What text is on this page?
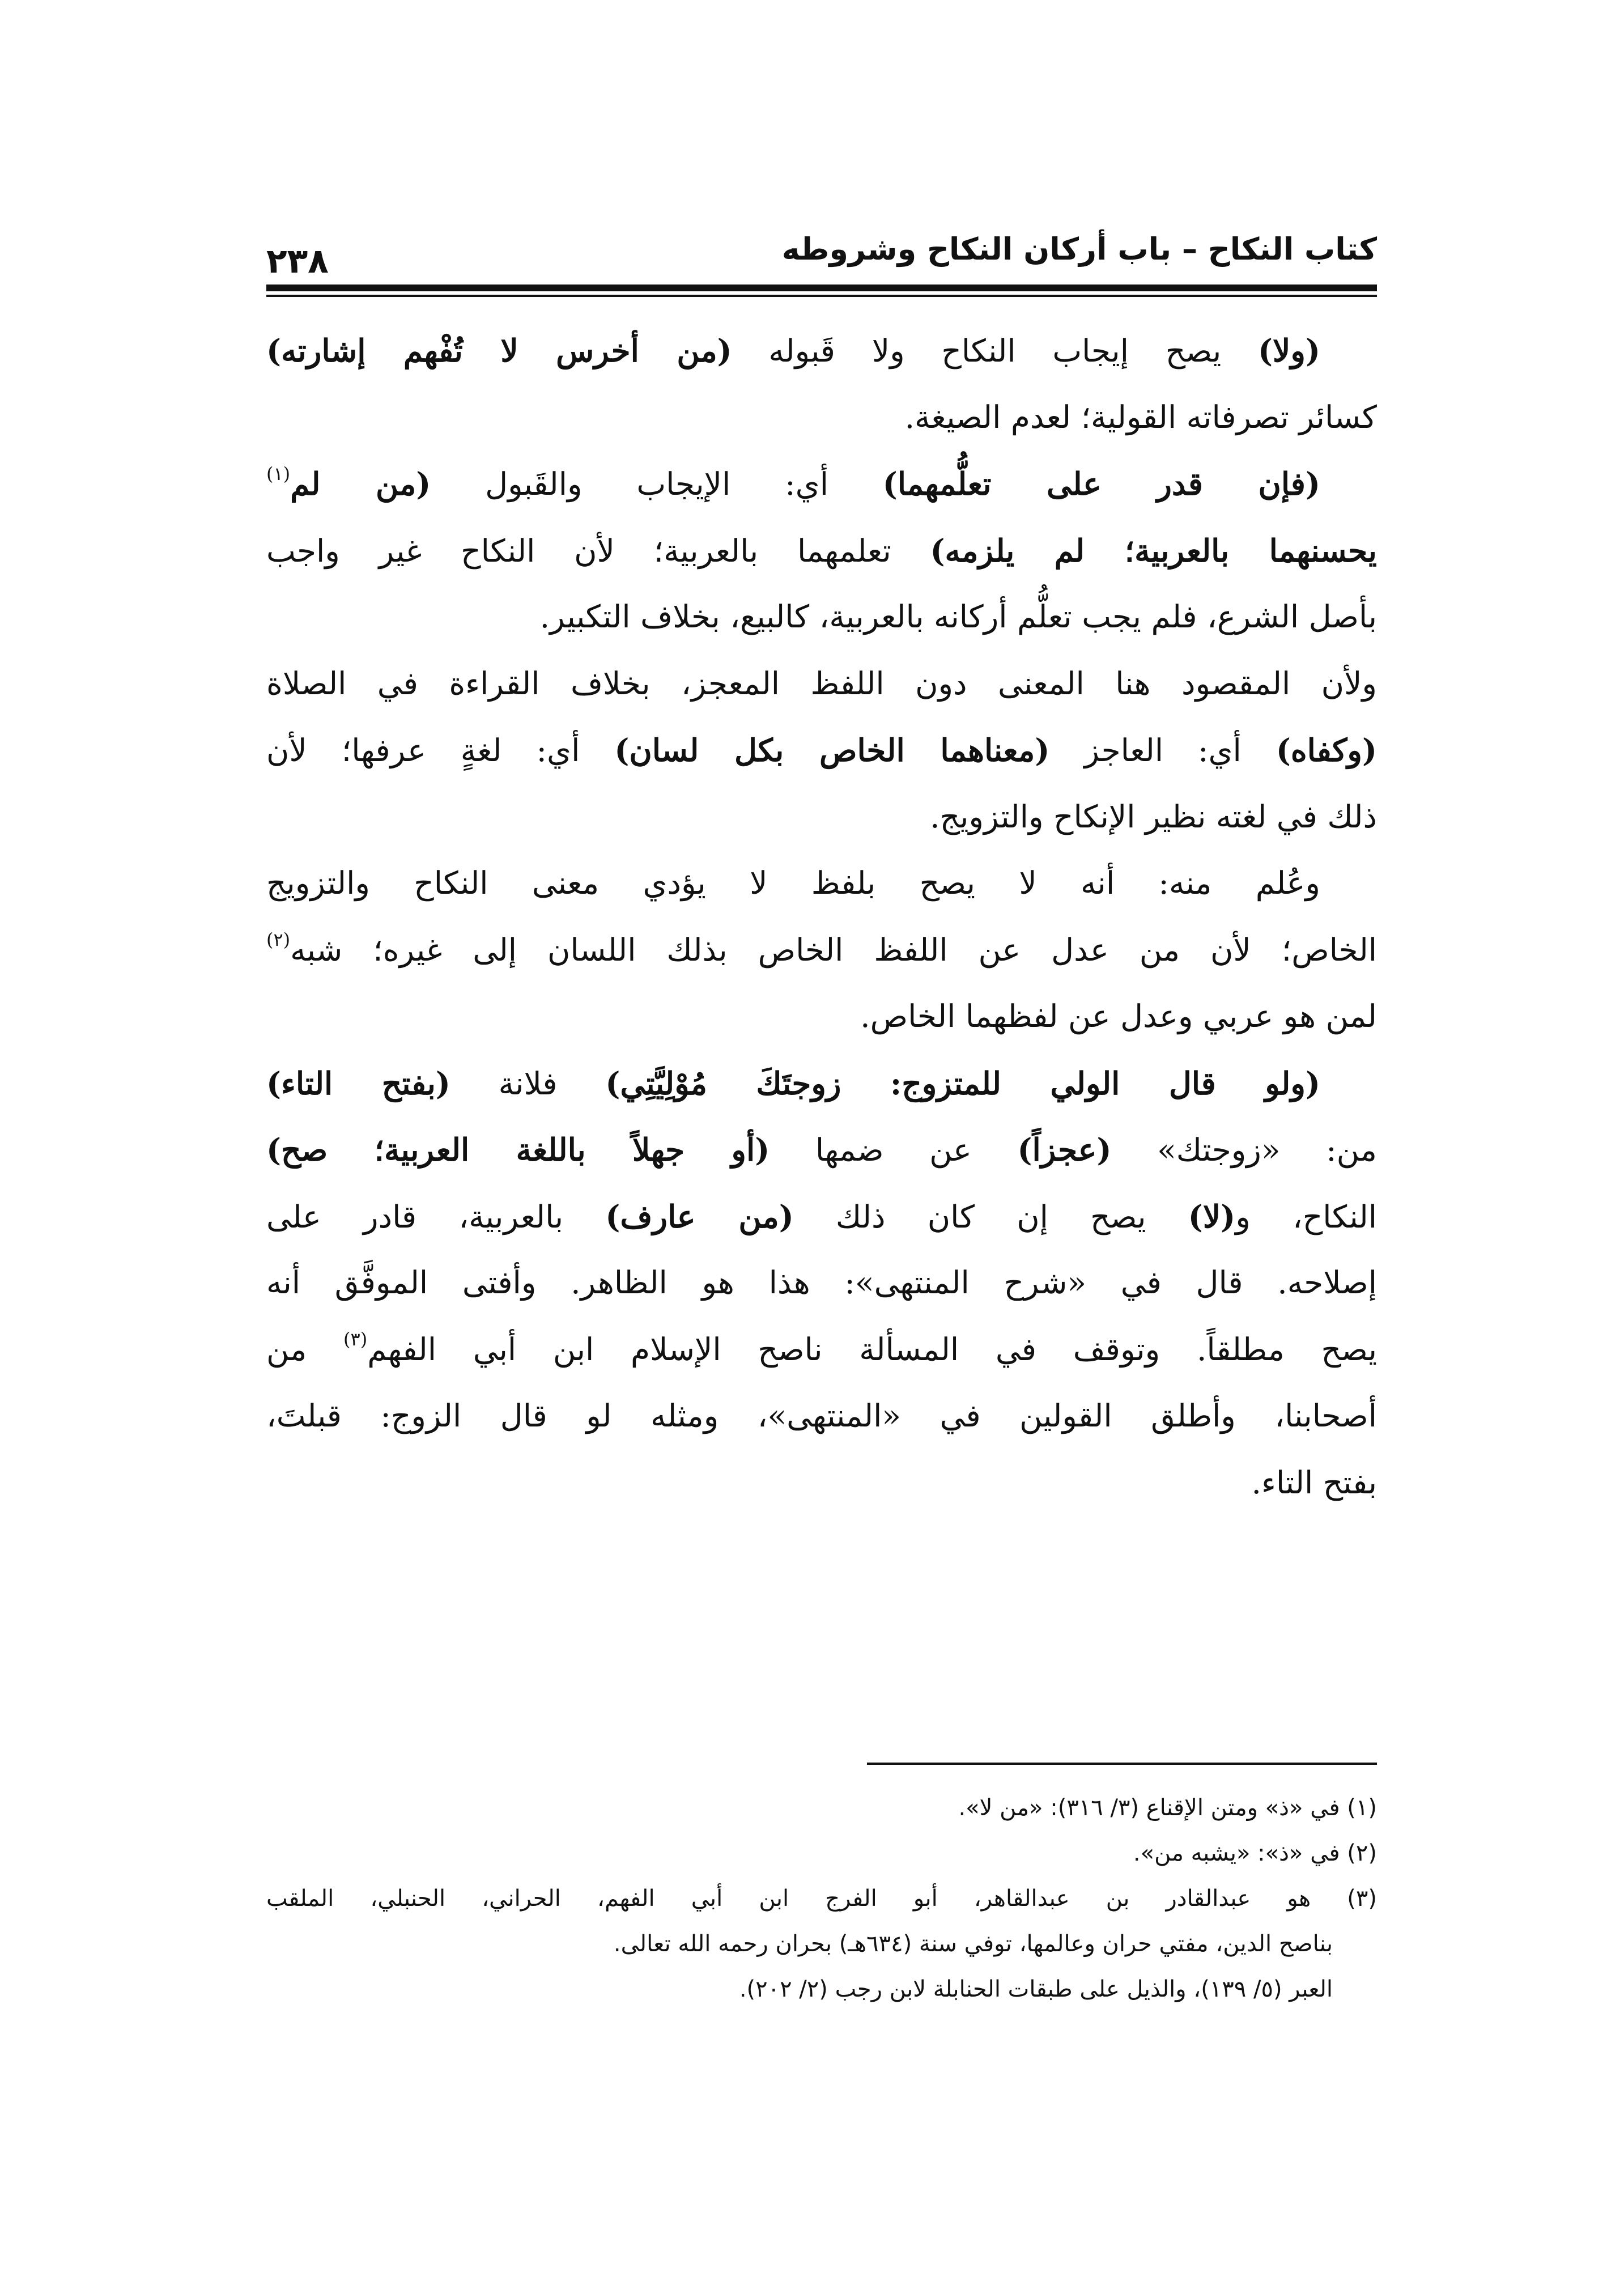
كتاب النكاح – باب أركان النكاح وشروطه
٢٣٨
(ولا) يصح إيجاب النكاح ولا قَبوله (من أخرس لا تُفْهم إشارته)
كسائر تصرفاته القولية؛ لعدم الصيغة.
(فإن قدر على تعلُّمهما) أي: الإيجاب والقَبول (من لم$^{(١)}$
يحسنهما بالعربية؛ لم يلزمه) تعلمهما بالعربية؛ لأن النكاح غير واجب
بأصل الشرع، فلم يجب تعلُّم أركانه بالعربية، كالبيع، بخلاف التكبير.
ولأن المقصود هنا المعنى دون اللفظ المعجز، بخلاف القراءة في الصلاة
(وكفاه) أي: العاجز (معناهما الخاص بكل لسان) أي: لغةٍ عرفها؛ لأن
ذلك في لغته نظير الإنكاح والتزويج.
وعُلم منه: أنه لا يصح بلفظ لا يؤدي معنى النكاح والتزويج
الخاص؛ لأن من عدل عن اللفظ الخاص بذلك اللسان إلى غيره؛ شبه$^{(٢)}$
لمن هو عربي وعدل عن لفظهما الخاص.
(ولو قال الولي للمتزوج: زوجتَكَ مُوْلِيَّتِي) فلانة (بفتح التاء)
من: «زوجتك» (عجزاً) عن ضمها (أو جهلاً باللغة العربية؛ صح)
النكاح، و(لا) يصح إن كان ذلك (من عارف) بالعربية، قادر على
إصلاحه. قال في «شرح المنتهى»: هذا هو الظاهر. وأفتى الموفَّق أنه
يصح مطلقاً. وتوقف في المسألة ناصح الإسلام ابن أبي الفهم$^{(٣)}$ من
أصحابنا، وأطلق القولين في «المنتهى»، ومثله لو قال الزوج: قبلتَ،
بفتح التاء.
(١) في «ذ» ومتن الإقناع (٣/ ٣١٦): «من لا».
(٢) في «ذ»: «يشبه من».
(٣) هو عبدالقادر بن عبدالقاهر، أبو الفرج ابن أبي الفهم، الحراني، الحنبلي، الملقب
بناصح الدين، مفتي حران وعالمها، توفي سنة (٦٣٤هـ) بحران رحمه الله تعالى.
العبر (٥/ ١٣٩)، والذيل على طبقات الحنابلة لابن رجب (٢/ ٢٠٢).
